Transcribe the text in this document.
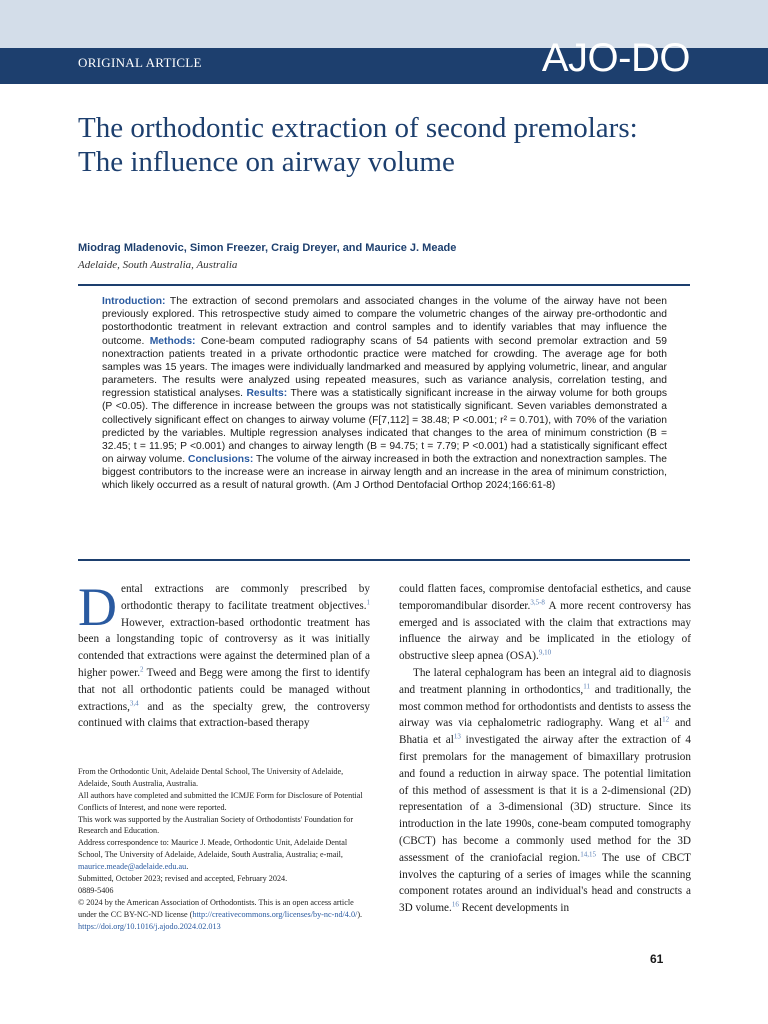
ORIGINAL ARTICLE	AJO-DO
The orthodontic extraction of second premolars: The influence on airway volume
Miodrag Mladenovic, Simon Freezer, Craig Dreyer, and Maurice J. Meade
Adelaide, South Australia, Australia

Introduction: The extraction of second premolars and associated changes in the volume of the airway have not been previously explored. This retrospective study aimed to compare the volumetric changes of the airway pre-orthodontic and postorthodontic treatment in relevant extraction and control samples and to identify variables that may influence the outcome. Methods: Cone-beam computed radiography scans of 54 patients with second premolar extraction and 59 nonextraction patients treated in a private orthodontic practice were matched for crowding. The average age for both samples was 15 years. The images were individually landmarked and measured by applying volumetric, linear, and angular parameters. The results were analyzed using repeated measures, such as variance analysis, correlation testing, and regression statistical analyses. Results: There was a statistically significant increase in the airway volume for both groups (P <0.05). The difference in increase between the groups was not statistically significant. Seven variables demonstrated a collectively significant effect on changes to airway volume (F[7,112] = 38.48; P <0.001; r² = 0.701), with 70% of the variation predicted by the variables. Multiple regression analyses indicated that changes to the area of minimum constriction (B = 32.45; t = 11.95; P <0.001) and changes to airway length (B = 94.75; t = 7.79; P <0.001) had a statistically significant effect on airway volume. Conclusions: The volume of the airway increased in both the extraction and nonextraction samples. The biggest contributors to the increase were an increase in airway length and an increase in the area of minimum constriction, which likely occurred as a result of natural growth. (Am J Orthod Dentofacial Orthop 2024;166:61-8)

Dental extractions are commonly prescribed by orthodontic therapy to facilitate treatment objectives.$^1$ However, extraction-based orthodontic treatment has been a longstanding topic of controversy as it was initially contended that extractions were against the determined plan of a higher power.$^2$ Tweed and Begg were among the first to identify that not all orthodontic patients could be managed without extractions,$^{3,4}$ and as the specialty grew, the controversy continued with claims that extraction-based therapy

From the Orthodontic Unit, Adelaide Dental School, The University of Adelaide, Adelaide, South Australia, Australia.

All authors have completed and submitted the ICMJE Form for Disclosure of Potential Conflicts of Interest, and none were reported.

This work was supported by the Australian Society of Orthodontists' Foundation for Research and Education.

Address correspondence to: Maurice J. Meade, Orthodontic Unit, Adelaide Dental School, The University of Adelaide, Adelaide, South Australia, Australia; e-mail, maurice.meade@adelaide.edu.au.

Submitted, October 2023; revised and accepted, February 2024.

0889-5406

© 2024 by the American Association of Orthodontists. This is an open access article under the CC BY-NC-ND license (http://creativecommons.org/licenses/by-nc-nd/4.0/).

https://doi.org/10.1016/j.ajodo.2024.02.013

could flatten faces, compromise dentofacial esthetics, and cause temporomandibular disorder.$^{3,5-8}$ A more recent controversy has emerged and is associated with the claim that extractions may influence the airway and be implicated in the etiology of obstructive sleep apnea (OSA).$^{9,10}$

The lateral cephalogram has been an integral aid to diagnosis and treatment planning in orthodontics,$^{11}$ and traditionally, the most common method for orthodontists and dentists to assess the airway was via cephalometric radiography. Wang et $al^{12}$ and Bhatia et $al^{13}$ investigated the airway after the extraction of 4 first premolars for the management of bimaxillary protrusion and found a reduction in airway space. The potential limitation of this method of assessment is that it is a 2-dimensional (2D) representation of a 3-dimensional (3D) structure. Since its introduction in the late 1990s, cone-beam computed tomography (CBCT) has become a commonly used method for the 3D assessment of the craniofacial region.$^{14,15}$ The use of CBCT involves the capturing of a series of images while the scanning component rotates around an individual's head and constructs a 3D volume.$^{16}$ Recent developments in

61
